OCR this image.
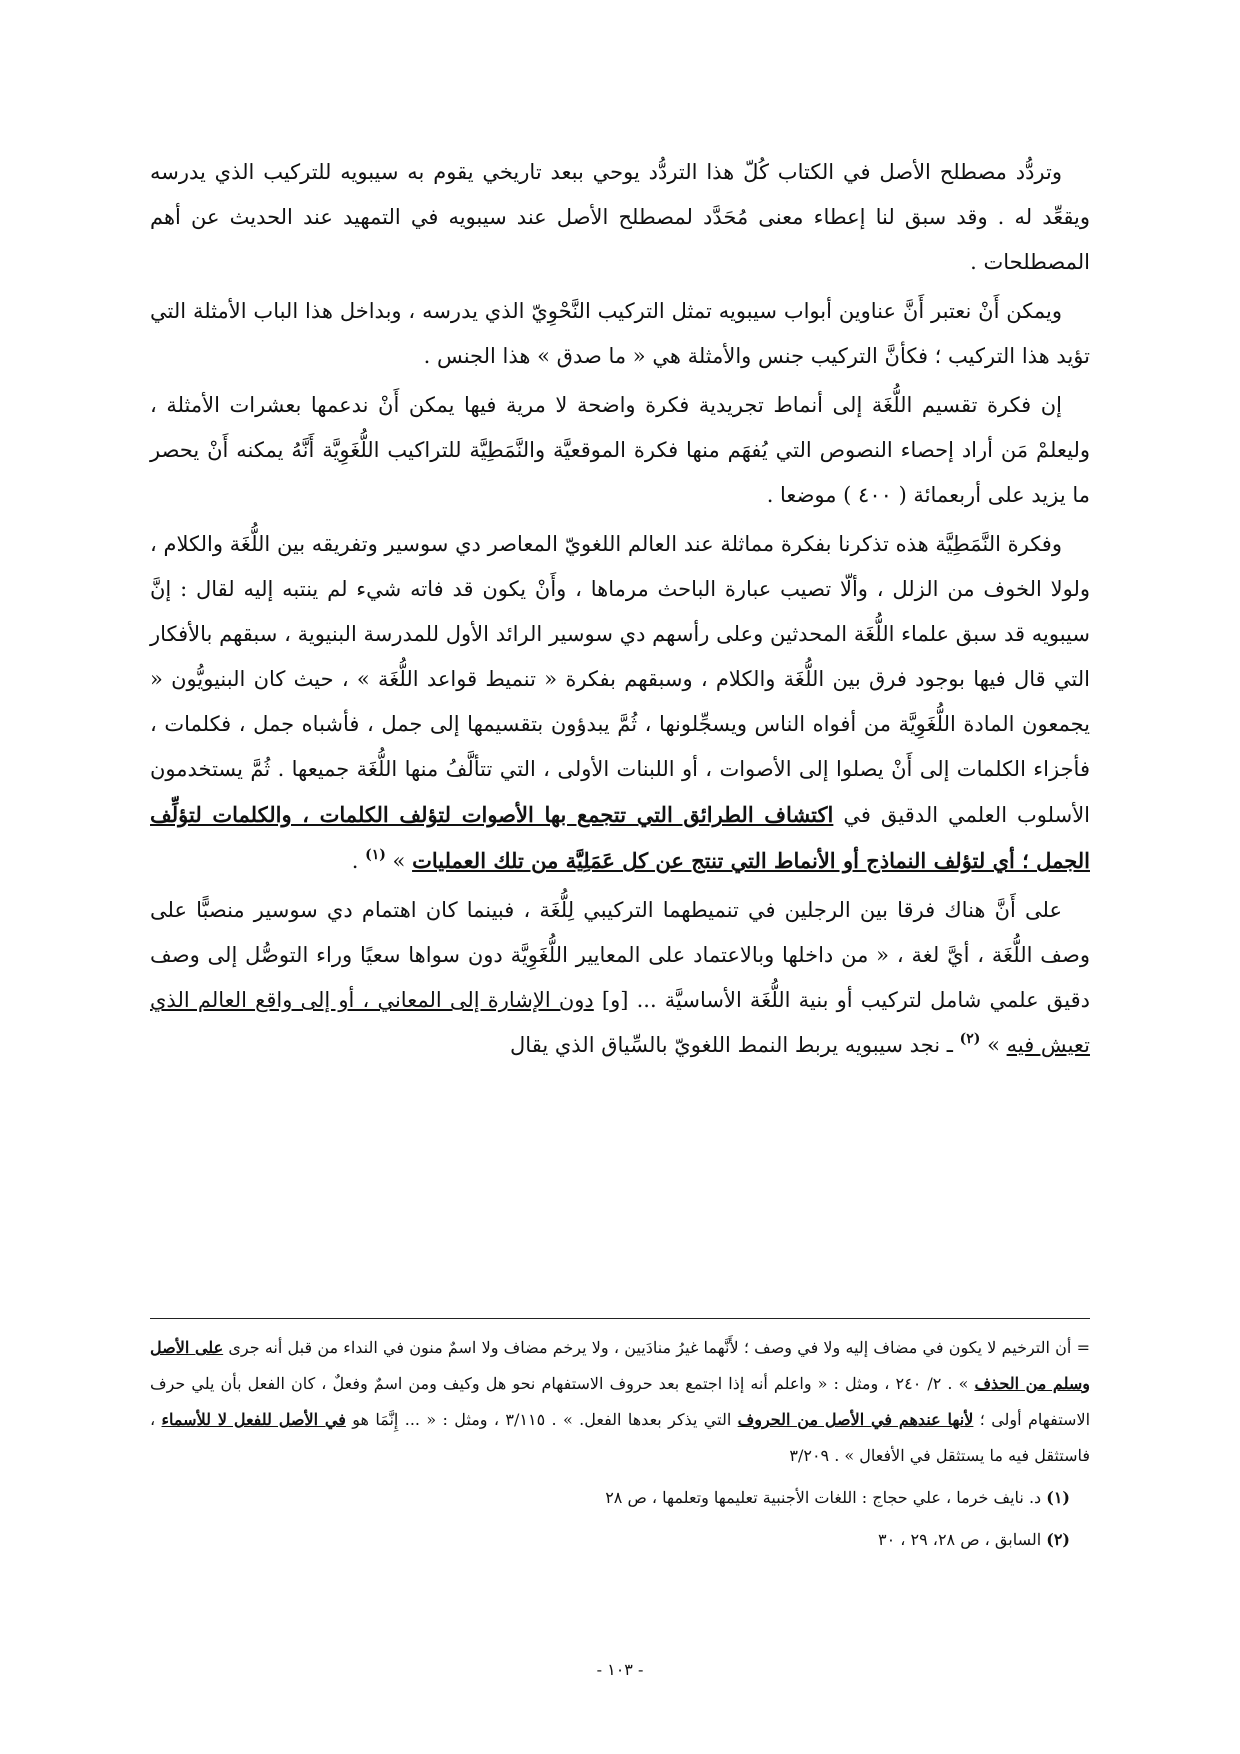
وتردُّد مصطلح الأصل في الكتاب كُلّ هذا التردُّد يوحي ببعد تاريخي يقوم به سيبويه للتركيب الذي يدرسه ويقعِّد له . وقد سبق لنا إعطاء معنى مُحَدَّد لمصطلح الأصل عند سيبويه في التمهيد عند الحديث عن أهم المصطلحات .

ويمكن أَنْ نعتبر أَنَّ عناوين أبواب سيبويه تمثل التركيب النَّحْوِيّ الذي يدرسه ، وبداخل هذا الباب الأمثلة التي تؤيد هذا التركيب ؛ فكأنَّ التركيب جنس والأمثلة هي « ما صدق » هذا الجنس .

إن فكرة تقسيم اللُّغَة إلى أنماط تجريدية فكرة واضحة لا مرية فيها يمكن أَنْ ندعمها بعشرات الأمثلة ، وليعلمْ مَن أراد إحصاء النصوص التي يُفهَم منها فكرة الموقعيَّة والنَّمَطِيَّة للتراكيب اللُّغَوِيَّة أَنَّهُ يمكنه أَنْ يحصر ما يزيد على أربعمائة ( ٤٠٠ ) موضعا .

وفكرة النَّمَطِيَّة هذه تذكرنا بفكرة مماثلة عند العالم اللغويّ المعاصر دي سوسير وتفريقه بين اللُّغَة والكلام ، ولولا الخوف من الزلل ، وألّا تصيب عبارة الباحث مرماها ، وأَنْ يكون قد فاته شيء لم ينتبه إليه لقال : إنَّ سيبويه قد سبق علماء اللُّغَة المحدثين وعلى رأسهم دي سوسير الرائد الأول للمدرسة البنيوية ، سبقهم بالأفكار التي قال فيها بوجود فرق بين اللُّغَة والكلام ، وسبقهم بفكرة « تنميط قواعد اللُّغَة » ، حيث كان البنيويُّون « يجمعون المادة اللُّغَوِيَّة من أفواه الناس ويسجِّلونها ، ثُمَّ يبدؤون بتقسيمها إلى جمل ، فأشباه جمل ، فكلمات ، فأجزاء الكلمات إلى أَنْ يصلوا إلى الأصوات ، أو اللبنات الأولى ، التي تتألَّفُ منها اللُّغَة جميعها . ثُمَّ يستخدمون الأسلوب العلمي الدقيق في اكتشاف الطرائق التي تتجمع بها الأصوات لتؤلف الكلمات ، والكلمات لتؤلِّف الجمل ؛ أي لتؤلف النماذج أو الأنماط التي تنتج عن كل عَمَلِيَّة من تلك العمليات » $^{(١)}$ .

على أَنَّ هناك فرقا بين الرجلين في تنميطهما التركيبي لِلُّغَة ، فبينما كان اهتمام دي سوسير منصبًّا على وصف اللُّغَة ، أيَّ لغة ، « من داخلها وبالاعتماد على المعايير اللُّغَوِيَّة دون سواها سعيًا وراء التوصُّل إلى وصف دقيق علمي شامل لتركيب أو بنية اللُّغَة الأساسيَّة ... [و] دون الإشارة إلى المعاني ، أو إلى واقع العالم الذي تعيش فيه » $^{(٢)}$ ـ نجد سيبويه يربط النمط اللغويّ بالسِّياق الذي يقال

= أن الترخيم لا يكون في مضاف إليه ولا في وصف ؛ لأَنَّهما غيرُ منادَيين ، ولا يرخم مضاف ولا اسمٌ منون في النداء من قبل أنه جرى على الأصل وسلم من الحذف » . ٢/ ٢٤٠ ، ومثل : « واعلم أنه إذا اجتمع بعد حروف الاستفهام نحو هل وكيف ومن اسمٌ وفعلٌ ، كان الفعل بأن يلي حرف الاستفهام أولى ؛ لأنها عندهم في الأصل من الحروف التي يذكر بعدها الفعل. » . ٣/١١٥ ، ومثل : « ... إِنَّمَا هو في الأصل للفعل لا للأسماء ، فاستثقل فيه ما يستثقل في الأفعال » . ٣/٢٠٩

(١) د. نايف خرما ، علي حجاج : اللغات الأجنبية تعليمها وتعلمها ، ص ٢٨

(٢) السابق ، ص ٢٨، ٢٩ ، ٣٠

- ١٠٣ -
